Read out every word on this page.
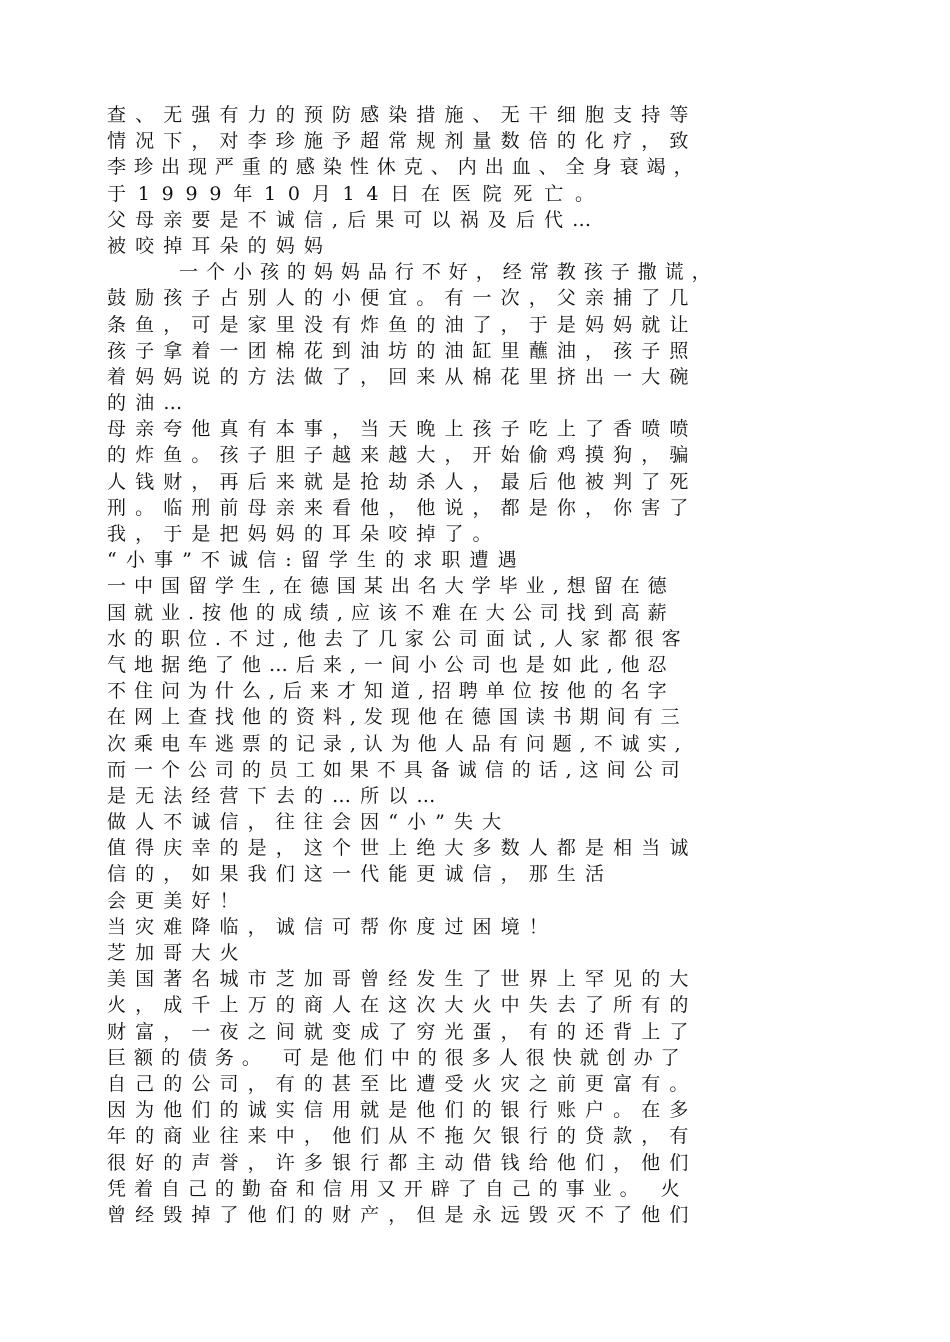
查、无强有力的预防感染措施、无干细胞支持等
情况下，对李珍施予超常规剂量数倍的化疗，致
李珍出现严重的感染性休克、内出血、全身衰竭，
于1999年10月14日在医院死亡。
父母亲要是不诚信,后果可以祸及后代…
被咬掉耳朵的妈妈
一个小孩的妈妈品行不好，经常教孩子撒谎，
鼓励孩子占别人的小便宜。有一次，父亲捕了几
条鱼，可是家里没有炸鱼的油了，于是妈妈就让
孩子拿着一团棉花到油坊的油缸里蘸油，孩子照
着妈妈说的方法做了，回来从棉花里挤出一大碗
的油…
母亲夸他真有本事，当天晚上孩子吃上了香喷喷
的炸鱼。孩子胆子越来越大，开始偷鸡摸狗，骗
人钱财，再后来就是抢劫杀人，最后他被判了死
刑。临刑前母亲来看他，他说，都是你，你害了
我，于是把妈妈的耳朵咬掉了。
“小事”不诚信:留学生的求职遭遇
一中国留学生,在德国某出名大学毕业,想留在德
国就业.按他的成绩,应该不难在大公司找到高薪
水的职位.不过,他去了几家公司面试,人家都很客
气地据绝了他…后来,一间小公司也是如此,他忍
不住问为什么,后来才知道,招聘单位按他的名字
在网上查找他的资料,发现他在德国读书期间有三
次乘电车逃票的记录,认为他人品有问题,不诚实,
而一个公司的员工如果不具备诚信的话,这间公司
是无法经营下去的…所以…
做人不诚信，往往会因“小”失大
值得庆幸的是，这个世上绝大多数人都是相当诚
信的，如果我们这一代能更诚信，那生活
会更美好！
当灾难降临，诚信可帮你度过困境！
芝加哥大火
美国著名城市芝加哥曾经发生了世界上罕见的大
火，成千上万的商人在这次大火中失去了所有的
财富，一夜之间就变成了穷光蛋，有的还背上了
巨额的债务。 可是他们中的很多人很快就创办了
自己的公司，有的甚至比遭受火灾之前更富有。
因为他们的诚实信用就是他们的银行账户。在多
年的商业往来中，他们从不拖欠银行的贷款，有
很好的声誉，许多银行都主动借钱给他们，他们
凭着自己的勤奋和信用又开辟了自己的事业。 火
曾经毁掉了他们的财产，但是永远毁灭不了他们
